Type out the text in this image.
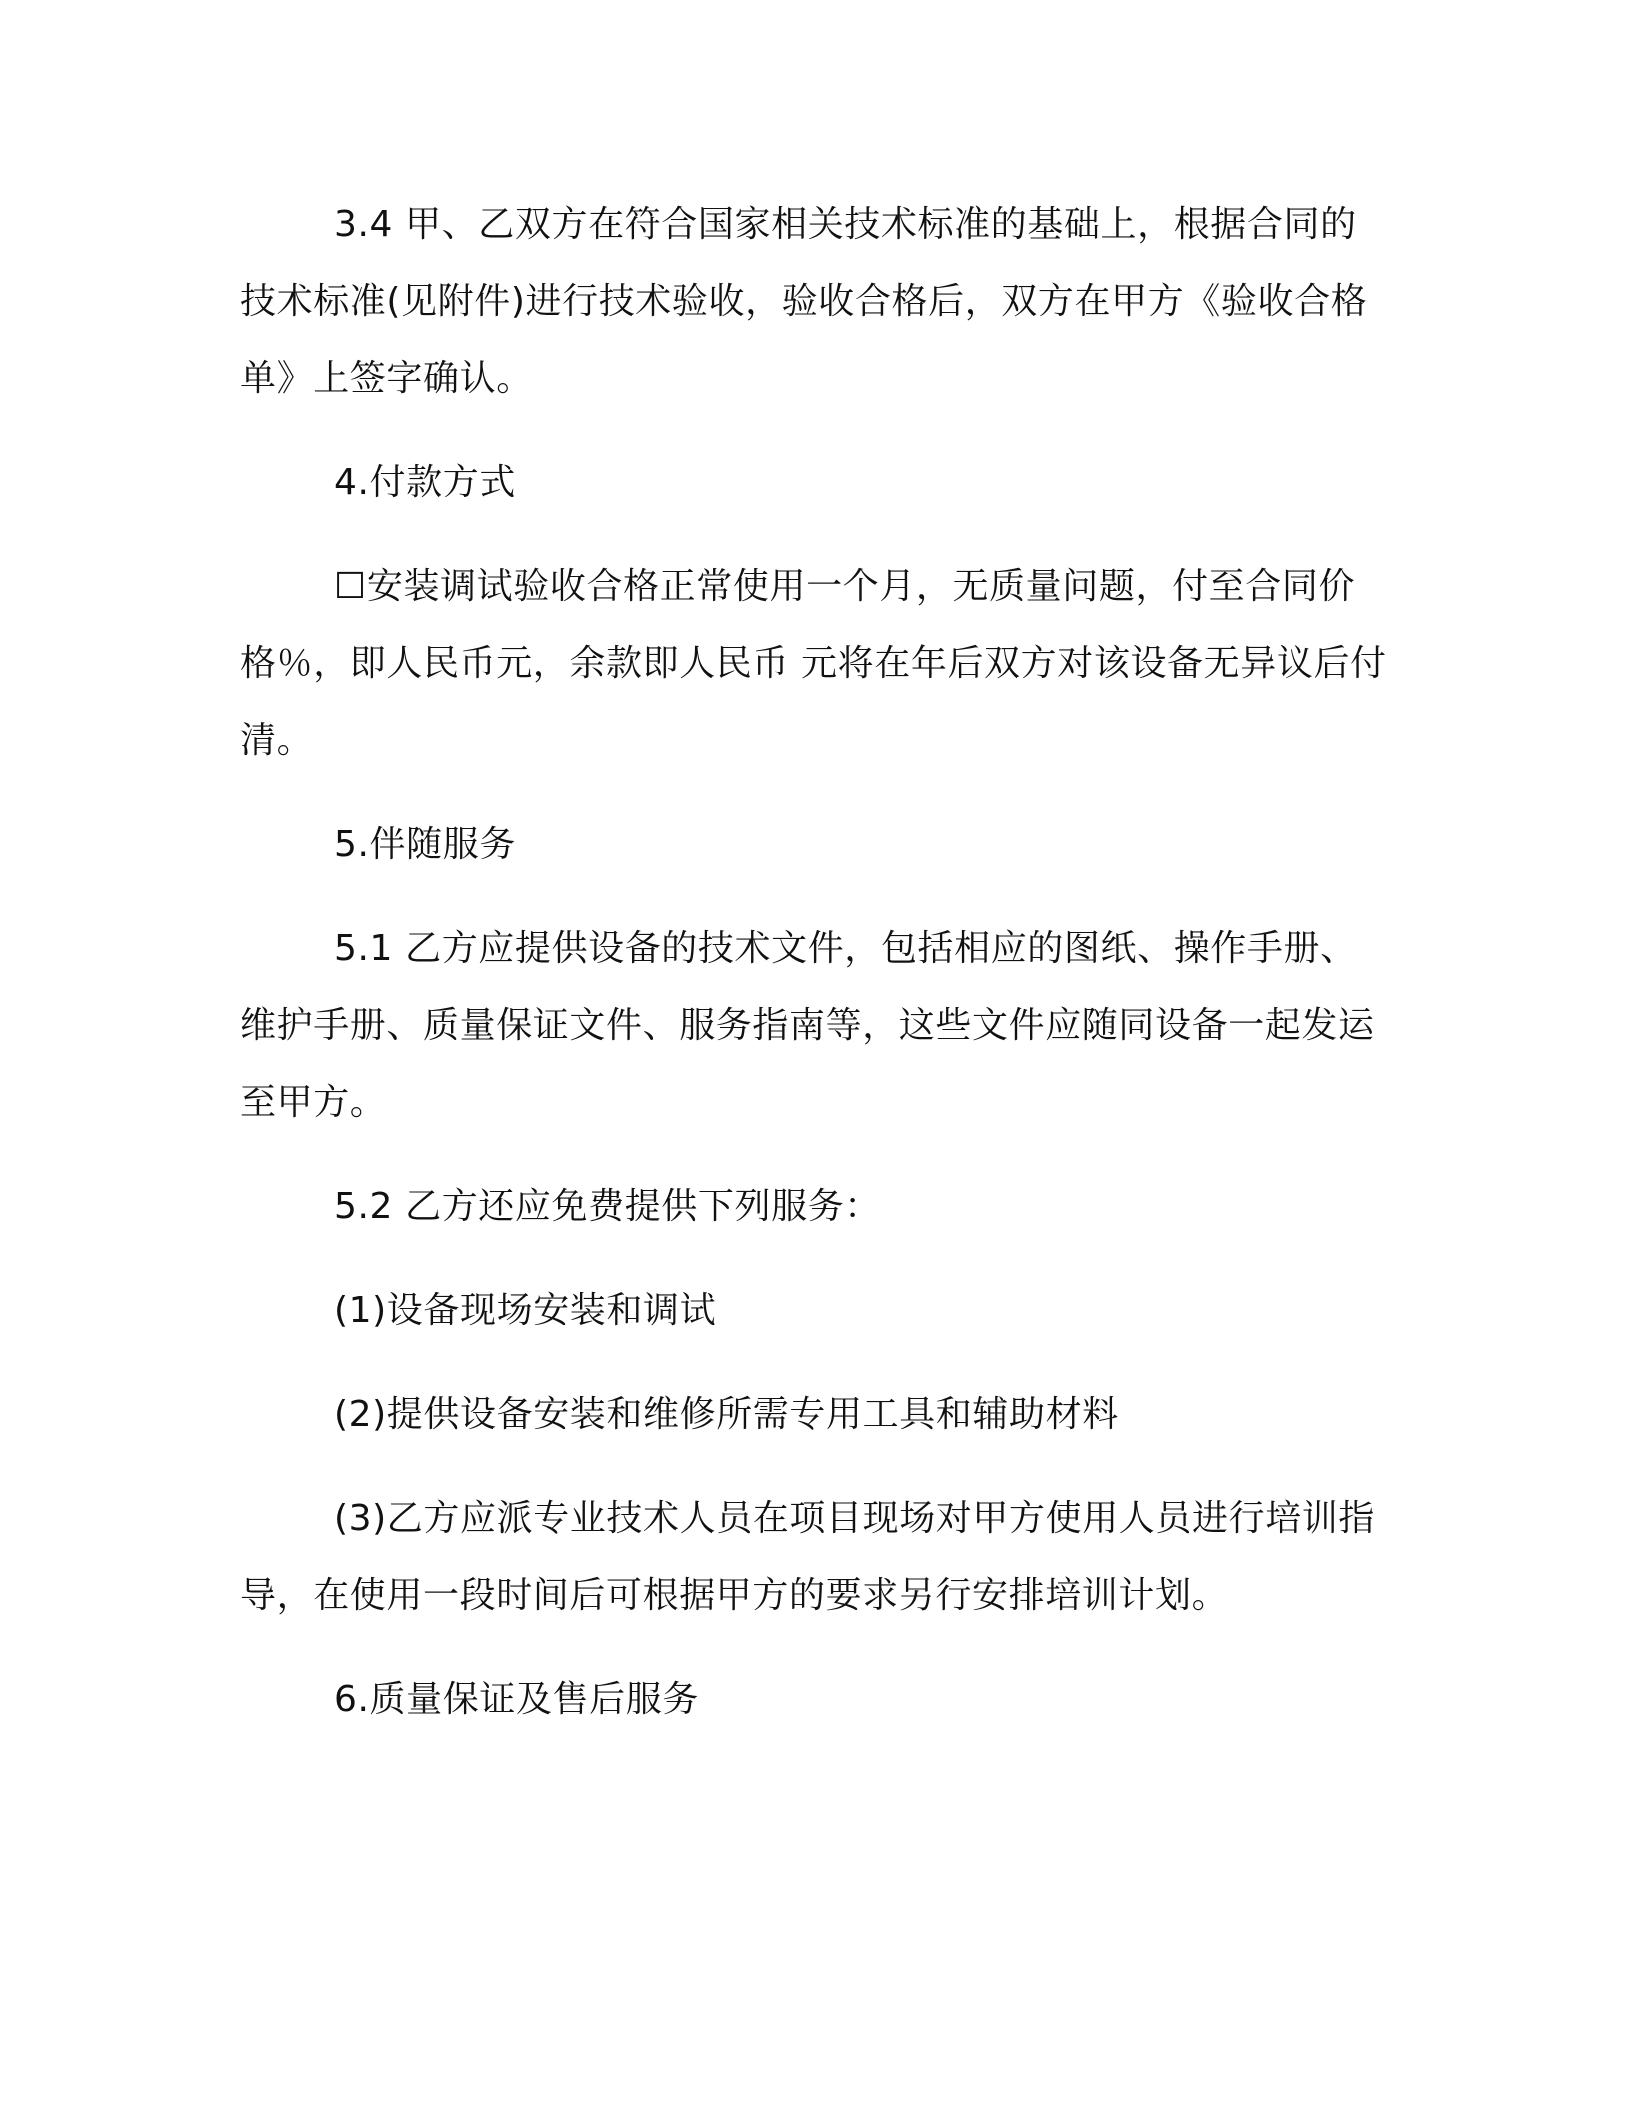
3.4 甲、乙双方在符合国家相关技术标准的基础上，根据合同的技术标准(见附件)进行技术验收，验收合格后，双方在甲方《验收合格单》上签字确认。

4.付款方式

☐安装调试验收合格正常使用一个月，无质量问题，付至合同价格％，即人民币元，余款即人民币 元将在年后双方对该设备无异议后付清。

5.伴随服务

5.1 乙方应提供设备的技术文件，包括相应的图纸、操作手册、维护手册、质量保证文件、服务指南等，这些文件应随同设备一起发运至甲方。

5.2 乙方还应免费提供下列服务：

(1)设备现场安装和调试

(2)提供设备安装和维修所需专用工具和辅助材料

(3)乙方应派专业技术人员在项目现场对甲方使用人员进行培训指导，在使用一段时间后可根据甲方的要求另行安排培训计划。

6.质量保证及售后服务
